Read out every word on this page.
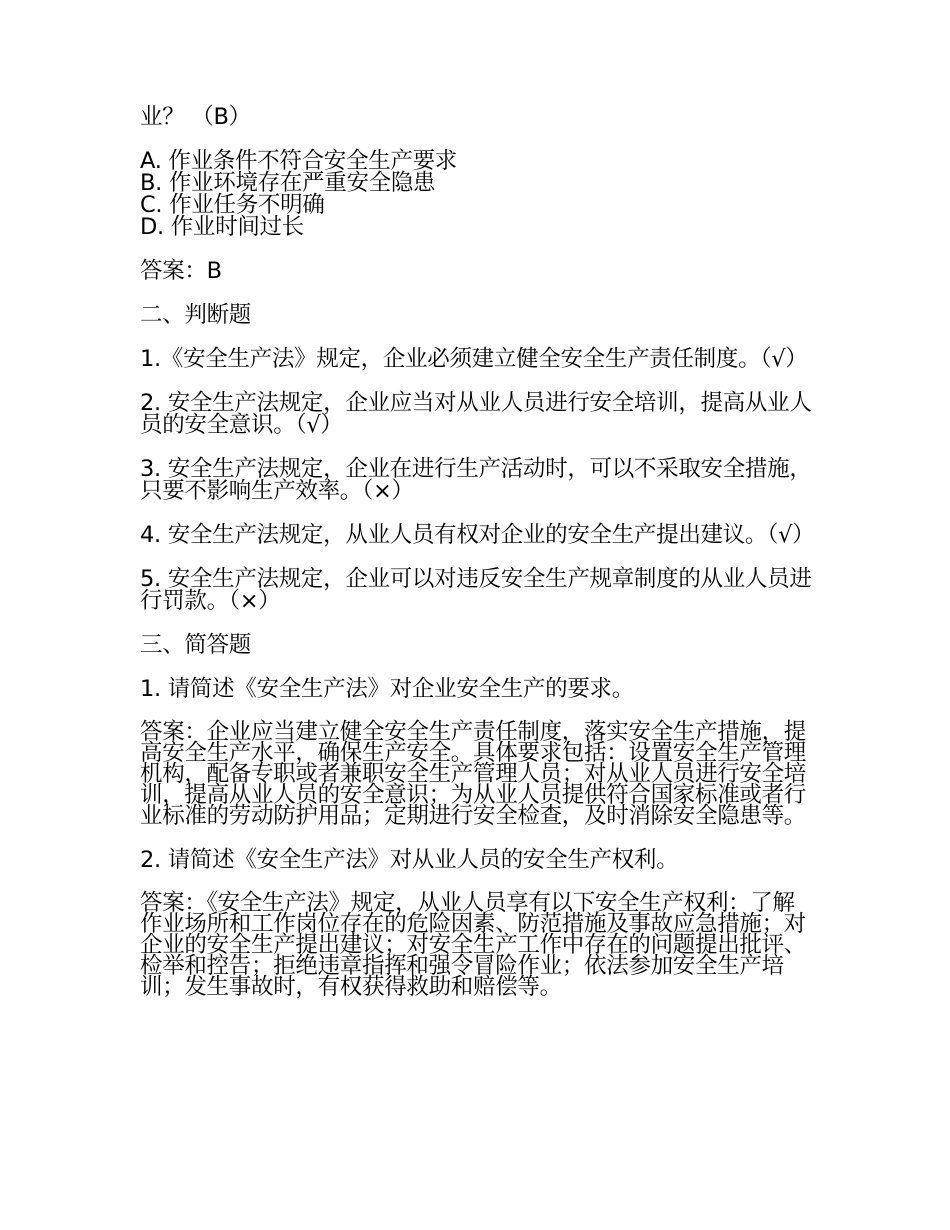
业？ （B）

A. 作业条件不符合安全生产要求

B. 作业环境存在严重安全隐患

C. 作业任务不明确

D. 作业时间过长

答案：B

二、判断题

1.《安全生产法》规定，企业必须建立健全安全生产责任制度。（√）

2. 安全生产法规定，企业应当对从业人员进行安全培训，提高从业人员的安全意识。（√）

3. 安全生产法规定，企业在进行生产活动时，可以不采取安全措施，只要不影响生产效率。（×）

4. 安全生产法规定，从业人员有权对企业的安全生产提出建议。（√）

5. 安全生产法规定，企业可以对违反安全生产规章制度的从业人员进行罚款。（×）

三、简答题

1. 请简述《安全生产法》对企业安全生产的要求。

答案：企业应当建立健全安全生产责任制度，落实安全生产措施，提高安全生产水平，确保生产安全。具体要求包括：设置安全生产管理机构，配备专职或者兼职安全生产管理人员；对从业人员进行安全培训，提高从业人员的安全意识；为从业人员提供符合国家标准或者行业标准的劳动防护用品；定期进行安全检查，及时消除安全隐患等。

2. 请简述《安全生产法》对从业人员的安全生产权利。

答案：《安全生产法》规定，从业人员享有以下安全生产权利：了解作业场所和工作岗位存在的危险因素、防范措施及事故应急措施；对企业的安全生产提出建议；对安全生产工作中存在的问题提出批评、检举和控告；拒绝违章指挥和强令冒险作业；依法参加安全生产培训；发生事故时，有权获得救助和赔偿等。
